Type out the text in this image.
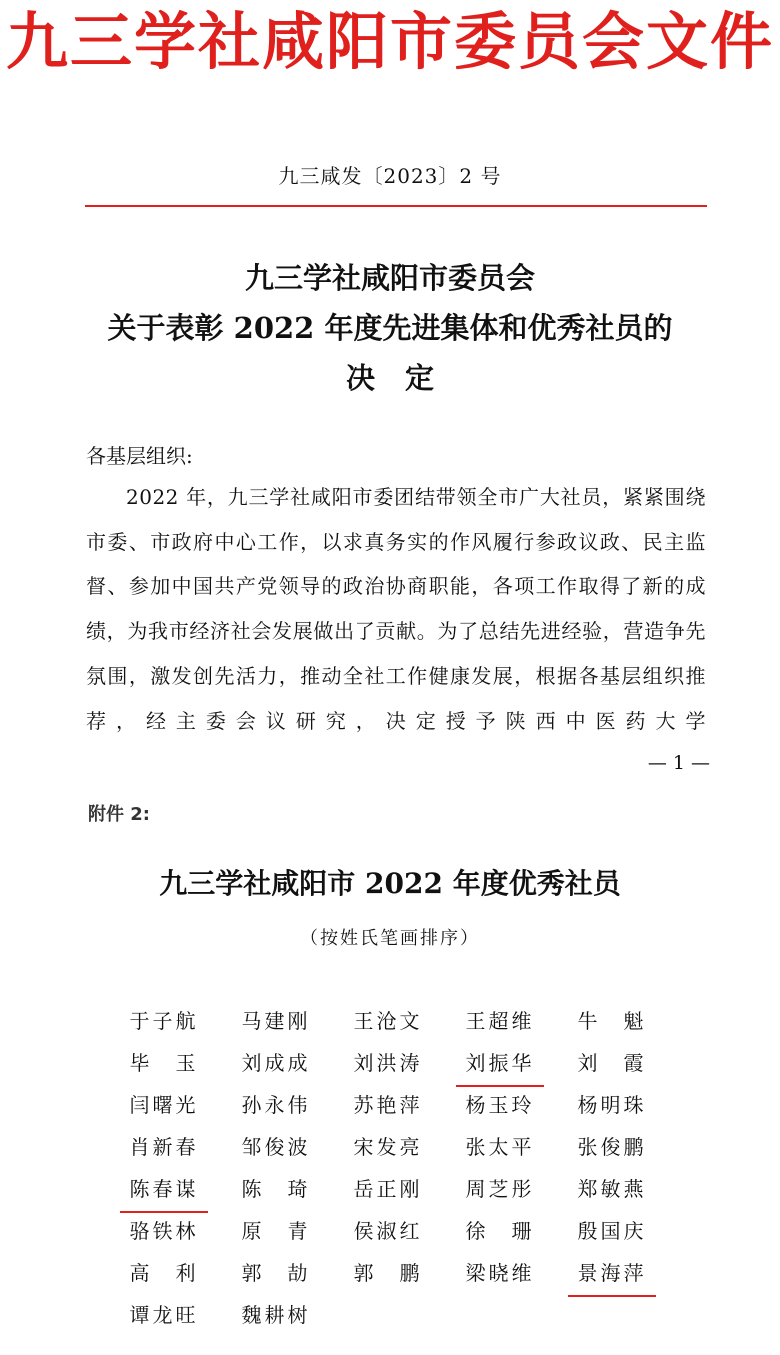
九三学社咸阳市委员会文件
九三咸发〔2023〕2 号
九三学社咸阳市委员会
关于表彰 2022 年度先进集体和优秀社员的
决定
各基层组织:

2022 年，九三学社咸阳市委团结带领全市广大社员，紧紧围绕市委、市政府中心工作，以求真务实的作风履行参政议政、民主监督、参加中国共产党领导的政治协商职能，各项工作取得了新的成绩，为我市经济社会发展做出了贡献。为了总结先进经验，营造争先氛围，激发创先活力，推动全社工作健康发展，根据各基层组织推荐，经主委会议研究，决定授予陕西中医药大学

— 1 —
附件 2:
九三学社咸阳市 2022 年度优秀社员
（按姓氏笔画排序）
于子航	马建刚	王沧文	王超维	牛　魁
毕　玉	刘成成	刘洪涛	刘振华	刘　霞
闫曙光	孙永伟	苏艳萍	杨玉玲	杨明珠
肖新春	邹俊波	宋发亮	张太平	张俊鹏
陈春谋	陈　琦	岳正刚	周芝彤	郑敏燕
骆铁林	原　青	侯淑红	徐　珊	殷国庆
高　利	郭　劼	郭　鹏	梁晓维	景海萍
谭龙旺	魏耕树
